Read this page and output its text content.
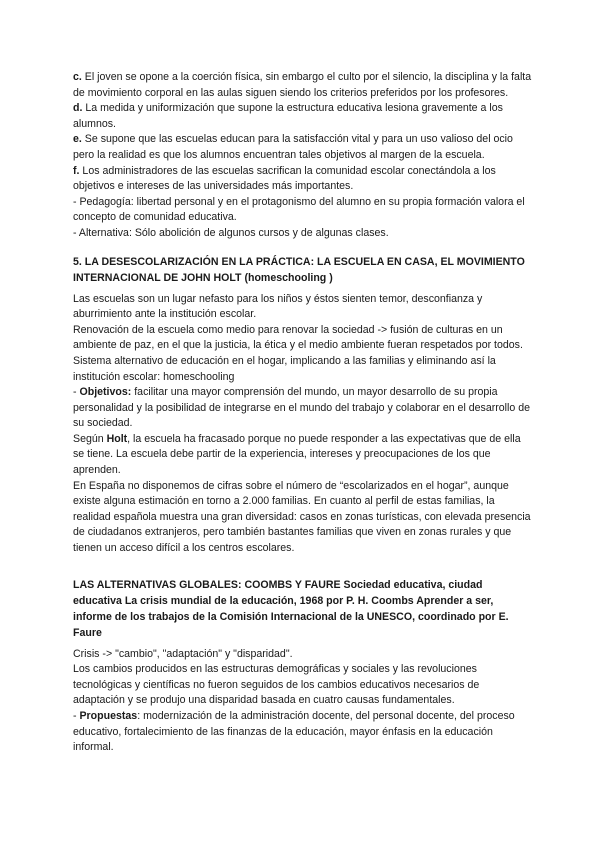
c. El joven se opone a la coerción física, sin embargo el culto por el silencio, la disciplina y la falta de movimiento corporal en las aulas siguen siendo los criterios preferidos por los profesores.

d. La medida y uniformización que supone la estructura educativa lesiona gravemente a los alumnos.

e. Se supone que las escuelas educan para la satisfacción vital y para un uso valioso del ocio pero la realidad es que los alumnos encuentran tales objetivos al margen de la escuela.

f. Los administradores de las escuelas sacrifican la comunidad escolar conectándola a los objetivos e intereses de las universidades más importantes.

- Pedagogía: libertad personal y en el protagonismo del alumno en su propia formación valora el concepto de comunidad educativa.

- Alternativa: Sólo abolición de algunos cursos y de algunas clases.

5. LA DESESCOLARIZACIÓN EN LA PRÁCTICA: LA ESCUELA EN CASA, EL MOVIMIENTO INTERNACIONAL DE JOHN HOLT (homeschooling )

Las escuelas son un lugar nefasto para los niños y éstos sienten temor, desconfianza y aburrimiento ante la institución escolar.

Renovación de la escuela como medio para renovar la sociedad -> fusión de culturas en un ambiente de paz, en el que la justicia, la ética y el medio ambiente fueran respetados por todos.

Sistema alternativo de educación en el hogar, implicando a las familias y eliminando así la institución escolar: homeschooling

- Objetivos: facilitar una mayor comprensión del mundo, un mayor desarrollo de su propia personalidad y la posibilidad de integrarse en el mundo del trabajo y colaborar en el desarrollo de su sociedad.

Según Holt, la escuela ha fracasado porque no puede responder a las expectativas que de ella se tiene. La escuela debe partir de la experiencia, intereses y preocupaciones de los que aprenden.

En España no disponemos de cifras sobre el número de “escolarizados en el hogar”, aunque existe alguna estimación en torno a 2.000 familias. En cuanto al perfil de estas familias, la realidad española muestra una gran diversidad: casos en zonas turísticas, con elevada presencia de ciudadanos extranjeros, pero también bastantes familias que viven en zonas rurales y que tienen un acceso difícil a los centros escolares.

LAS ALTERNATIVAS GLOBALES: COOMBS Y FAURE Sociedad educativa, ciudad educativa La crisis mundial de la educación, 1968 por P. H. Coombs Aprender a ser, informe de los trabajos de la Comisión Internacional de la UNESCO, coordinado por E. Faure

Crisis -> "cambio", "adaptación" y "disparidad".

Los cambios producidos en las estructuras demográficas y sociales y las revoluciones tecnológicas y científicas no fueron seguidos de los cambios educativos necesarios de adaptación y se produjo una disparidad basada en cuatro causas fundamentales.

- Propuestas: modernización de la administración docente, del personal docente, del proceso educativo, fortalecimiento de las finanzas de la educación, mayor énfasis en la educación informal.
